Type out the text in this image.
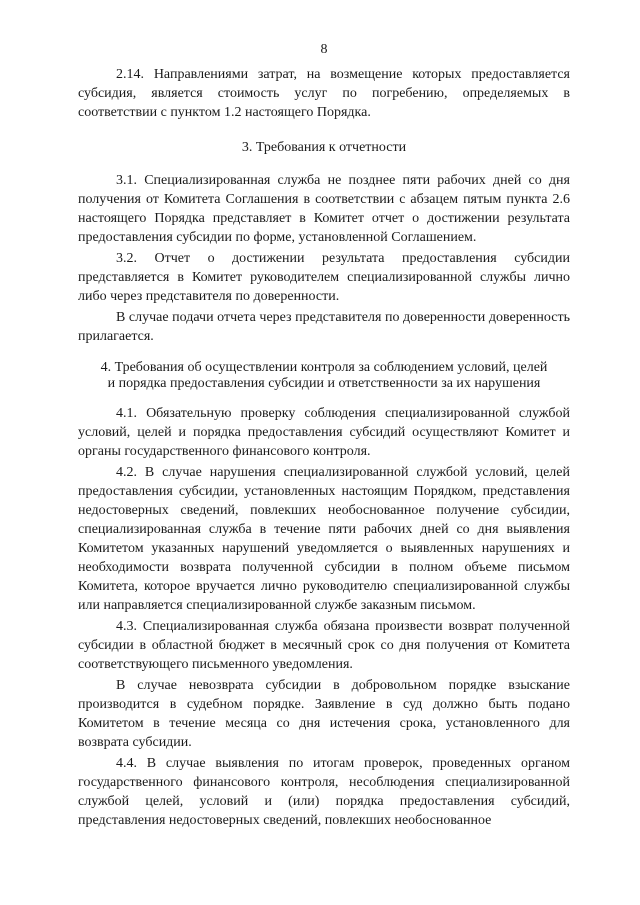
8

2.14. Направлениями затрат, на возмещение которых предоставляется субсидия, является стоимость услуг по погребению, определяемых в соответствии с пунктом 1.2 настоящего Порядка.

3. Требования к отчетности

3.1. Специализированная служба не позднее пяти рабочих дней со дня получения от Комитета Соглашения в соответствии с абзацем пятым пункта 2.6 настоящего Порядка представляет в Комитет отчет о достижении результата предоставления субсидии по форме, установленной Соглашением.

3.2. Отчет о достижении результата предоставления субсидии представляется в Комитет руководителем специализированной службы лично либо через представителя по доверенности.

В случае подачи отчета через представителя по доверенности доверенность прилагается.

4. Требования об осуществлении контроля за соблюдением условий, целей

и порядка предоставления субсидии и ответственности за их нарушения

4.1. Обязательную проверку соблюдения специализированной службой условий, целей и порядка предоставления субсидий осуществляют Комитет и органы государственного финансового контроля.

4.2. В случае нарушения специализированной службой условий, целей предоставления субсидии, установленных настоящим Порядком, представления недостоверных сведений, повлекших необоснованное получение субсидии, специализированная служба в течение пяти рабочих дней со дня выявления Комитетом указанных нарушений уведомляется о выявленных нарушениях и необходимости возврата полученной субсидии в полном объеме письмом Комитета, которое вручается лично руководителю специализированной службы или направляется специализированной службе заказным письмом.

4.3. Специализированная служба обязана произвести возврат полученной субсидии в областной бюджет в месячный срок со дня получения от Комитета соответствующего письменного уведомления.

В случае невозврата субсидии в добровольном порядке взыскание производится в судебном порядке. Заявление в суд должно быть подано Комитетом в течение месяца со дня истечения срока, установленного для возврата субсидии.

4.4. В случае выявления по итогам проверок, проведенных органом государственного финансового контроля, несоблюдения специализированной службой целей, условий и (или) порядка предоставления субсидий, представления недостоверных сведений, повлекших необоснованное
